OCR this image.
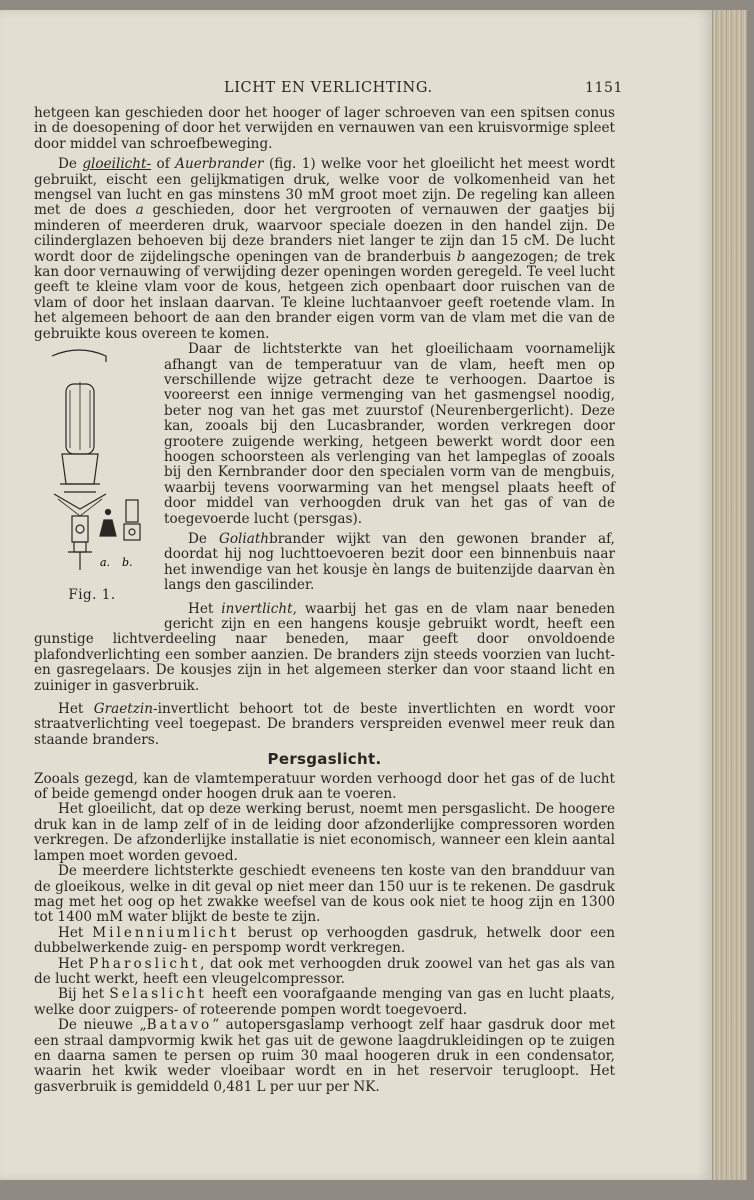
LICHT EN VERLICHTING.	1151

hetgeen kan geschieden door het hooger of lager schroeven van een spitsen conus in de doesopening of door het verwijden en vernauwen van een kruisvormige spleet door middel van schroefbeweging.

De gloeilicht- of Auerbrander (fig. 1) welke voor het gloeilicht het meest wordt gebruikt, eischt een gelijkmatigen druk, welke voor de volkomenheid van het mengsel van lucht en gas minstens 30 mM groot moet zijn. De regeling kan alleen met de does a geschieden, door het vergrooten of vernauwen der gaatjes bij minderen of meerderen druk, waarvoor speciale doezen in den handel zijn. De cilinderglazen behoeven bij deze branders niet langer te zijn dan 15 cM. De lucht wordt door de zijdelingsche openingen van de branderbuis b aangezogen; de trek kan door vernauwing of verwijding dezer openingen worden geregeld. Te veel lucht geeft te kleine vlam voor de kous, hetgeen zich openbaart door ruischen van de vlam of door het inslaan daarvan. Te kleine luchtaanvoer geeft roetende vlam. In het algemeen behoort de aan den brander eigen vorm van de vlam met die van de gebruikte kous overeen te komen.

a. b.
Fig. 1.

Daar de lichtsterkte van het gloeilichaam voornamelijk afhangt van de temperatuur van de vlam, heeft men op verschillende wijze getracht deze te verhoogen. Daartoe is vooreerst een innige vermenging van het gasmengsel noodig, beter nog van het gas met zuurstof (Neurenbergerlicht). Deze kan, zooals bij den Lucasbrander, worden verkregen door grootere zuigende werking, hetgeen bewerkt wordt door een hoogen schoorsteen als verlenging van het lampeglas of zooals bij den Kernbrander door den specialen vorm van de mengbuis, waarbij tevens voorwarming van het mengsel plaats heeft of door middel van verhoogden druk van het gas of van de toegevoerde lucht (persgas).

De Goliathbrander wijkt van den gewonen brander af, doordat hij nog luchttoevoeren bezit door een binnenbuis naar het inwendige van het kousje èn langs de buitenzijde daarvan èn langs den gascilinder.

Het invertlicht, waarbij het gas en de vlam naar beneden gericht zijn en een hangens kousje gebruikt wordt, heeft een gunstige lichtverdeeling naar beneden, maar geeft door onvoldoende plafondverlichting een somber aanzien. De branders zijn steeds voorzien van lucht- en gasregelaars. De kousjes zijn in het algemeen sterker dan voor staand licht en zuiniger in gasverbruik.

Het Graetzin-invertlicht behoort tot de beste invertlichten en wordt voor straatverlichting veel toegepast. De branders verspreiden evenwel meer reuk dan staande branders.

Persgaslicht.

Zooals gezegd, kan de vlamtemperatuur worden verhoogd door het gas of de lucht of beide gemengd onder hoogen druk aan te voeren.

Het gloeilicht, dat op deze werking berust, noemt men persgaslicht. De hoogere druk kan in de lamp zelf of in de leiding door afzonderlijke compressoren worden verkregen. De afzonderlijke installatie is niet economisch, wanneer een klein aantal lampen moet worden gevoed.

De meerdere lichtsterkte geschiedt eveneens ten koste van den brandduur van de gloeikous, welke in dit geval op niet meer dan 150 uur is te rekenen. De gasdruk mag met het oog op het zwakke weefsel van de kous ook niet te hoog zijn en 1300 tot 1400 mM water blijkt de beste te zijn.

Het Milenniumlicht berust op verhoogden gasdruk, hetwelk door een dubbelwerkende zuig- en perspomp wordt verkregen.

Het Pharoslicht, dat ook met verhoogden druk zoowel van het gas als van de lucht werkt, heeft een vleugelcompressor.

Bij het Selaslicht heeft een voorafgaande menging van gas en lucht plaats, welke door zuigpers- of roteerende pompen wordt toegevoerd.

De nieuwe „Batavo” autopersgaslamp verhoogt zelf haar gasdruk door met een straal dampvormig kwik het gas uit de gewone laagdrukleidingen op te zuigen en daarna samen te persen op ruim 30 maal hoogeren druk in een condensator, waarin het kwik weder vloeibaar wordt en in het reservoir terugloopt. Het gasverbruik is gemiddeld 0,481 L per uur per NK.
